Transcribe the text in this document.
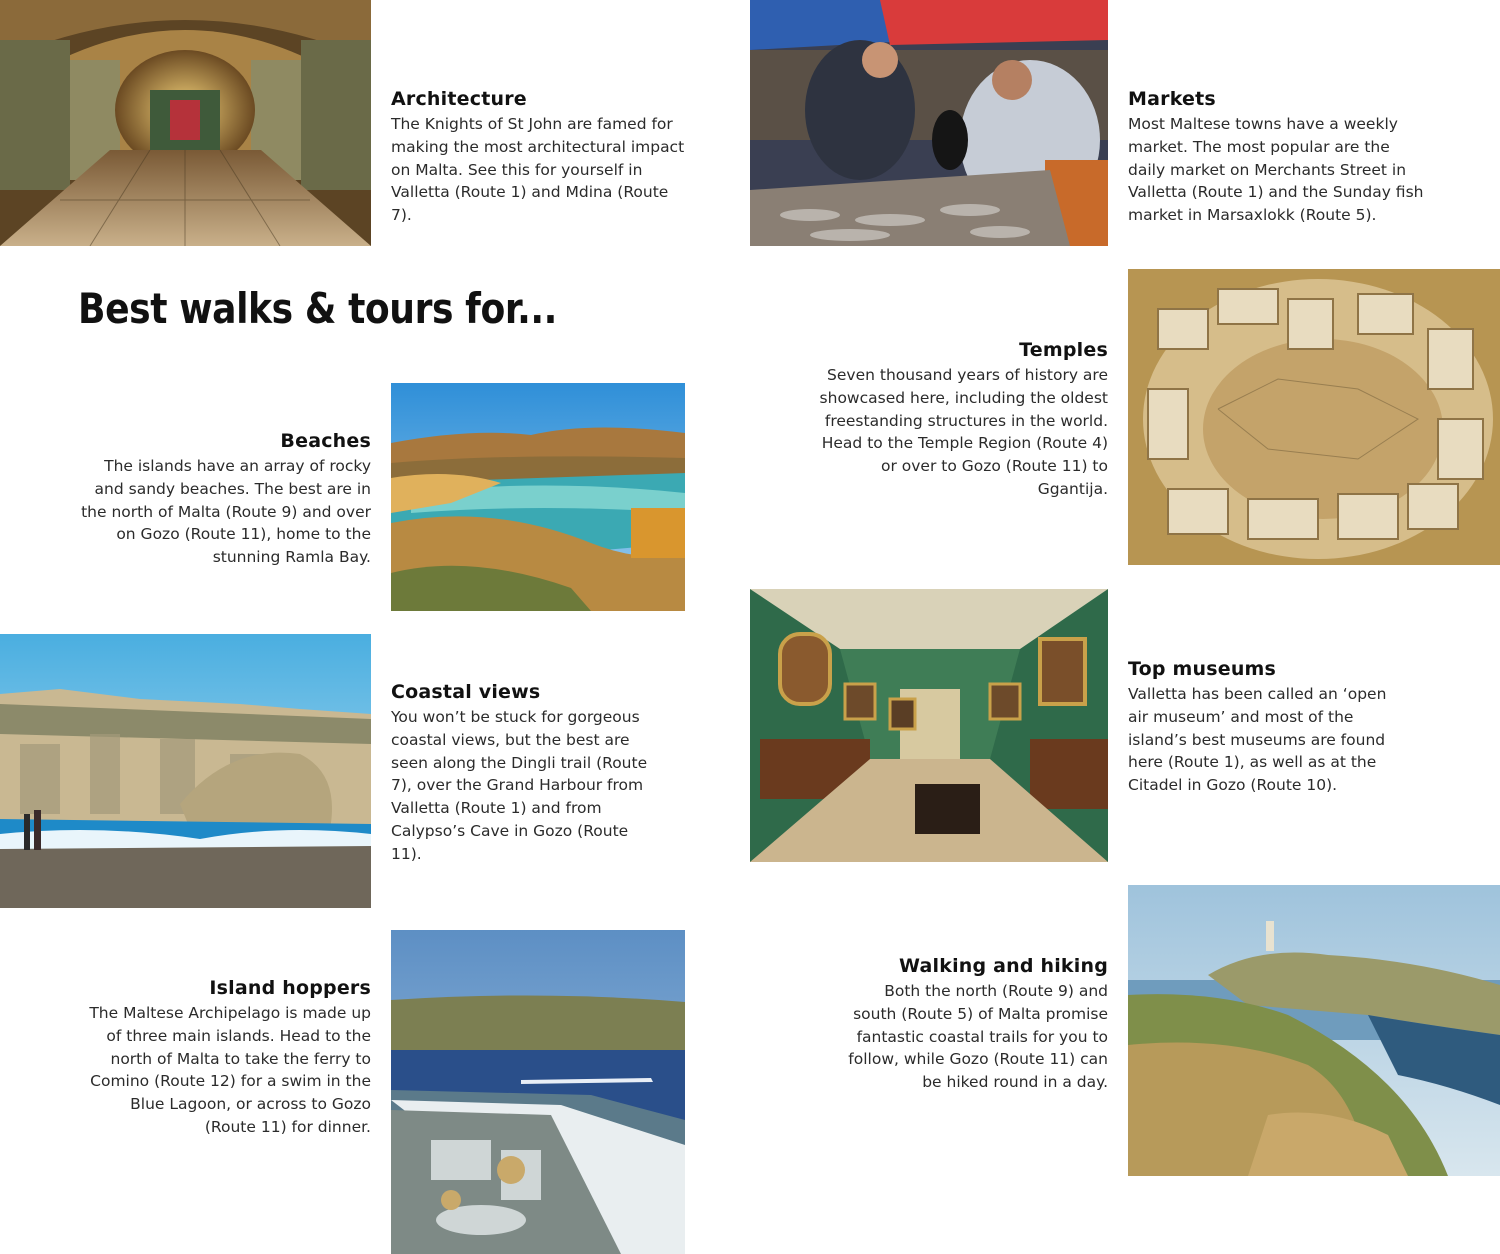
Best walks & tours for...
Architecture

The Knights of St John are famed for making the most architectural impact on Malta. See this for yourself in Valletta (Route 1) and Mdina (Route 7).

Markets

Most Maltese towns have a weekly market. The most popular are the daily market on Merchants Street in Valletta (Route 1) and the Sunday fish market in Marsaxlokk (Route 5).

Temples

Seven thousand years of history are showcased here, including the oldest freestanding structures in the world. Head to the Temple Region (Route 4) or over to Gozo (Route 11) to Ggantija.

Beaches

The islands have an array of rocky and sandy beaches. The best are in the north of Malta (Route 9) and over on Gozo (Route 11), home to the stunning Ramla Bay.

Top museums

Valletta has been called an ‘open air museum’ and most of the island’s best museums are found here (Route 1), as well as at the Citadel in Gozo (Route 10).

Coastal views

You won’t be stuck for gorgeous coastal views, but the best are seen along the Dingli trail (Route 7), over the Grand Harbour from Valletta (Route 1) and from Calypso’s Cave in Gozo (Route 11).

Walking and hiking

Both the north (Route 9) and south (Route 5) of Malta promise fantastic coastal trails for you to follow, while Gozo (Route 11) can be hiked round in a day.

Island hoppers

The Maltese Archipelago is made up of three main islands. Head to the north of Malta to take the ferry to Comino (Route 12) for a swim in the Blue Lagoon, or across to Gozo (Route 11) for dinner.
